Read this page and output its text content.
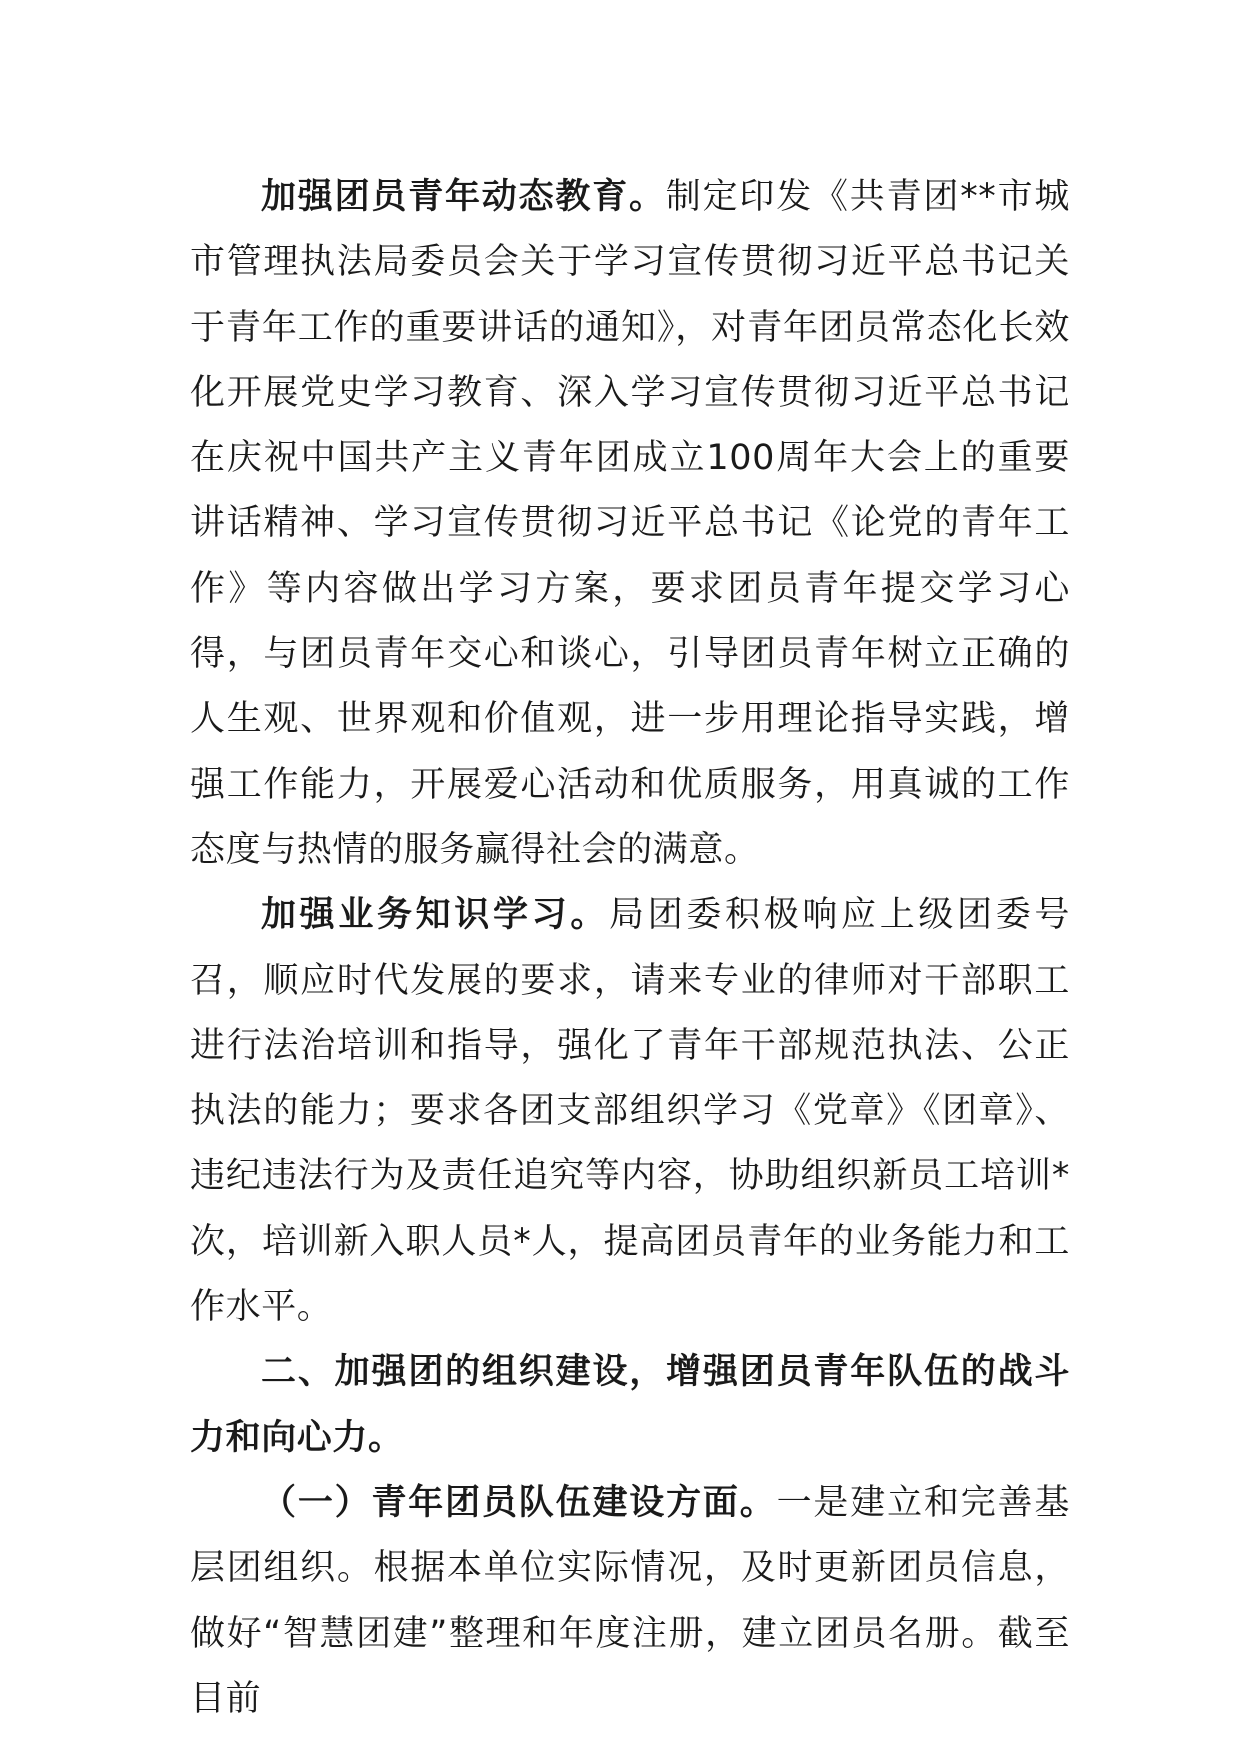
加强团员青年动态教育。制定印发《共青团**市城市管理执法局委员会关于学习宣传贯彻习近平总书记关于青年工作的重要讲话的通知》，对青年团员常态化长效化开展党史学习教育、深入学习宣传贯彻习近平总书记在庆祝中国共产主义青年团成立100周年大会上的重要讲话精神、学习宣传贯彻习近平总书记《论党的青年工作》等内容做出学习方案，要求团员青年提交学习心得，与团员青年交心和谈心，引导团员青年树立正确的人生观、世界观和价值观，进一步用理论指导实践，增强工作能力，开展爱心活动和优质服务，用真诚的工作态度与热情的服务赢得社会的满意。

加强业务知识学习。局团委积极响应上级团委号召，顺应时代发展的要求，请来专业的律师对干部职工进行法治培训和指导，强化了青年干部规范执法、公正执法的能力；要求各团支部组织学习《党章》《团章》、违纪违法行为及责任追究等内容，协助组织新员工培训*次，培训新入职人员*人，提高团员青年的业务能力和工作水平。

二、加强团的组织建设，增强团员青年队伍的战斗力和向心力。

（一）青年团员队伍建设方面。一是建立和完善基层团组织。根据本单位实际情况，及时更新团员信息，做好“智慧团建”整理和年度注册，建立团员名册。截至目前
